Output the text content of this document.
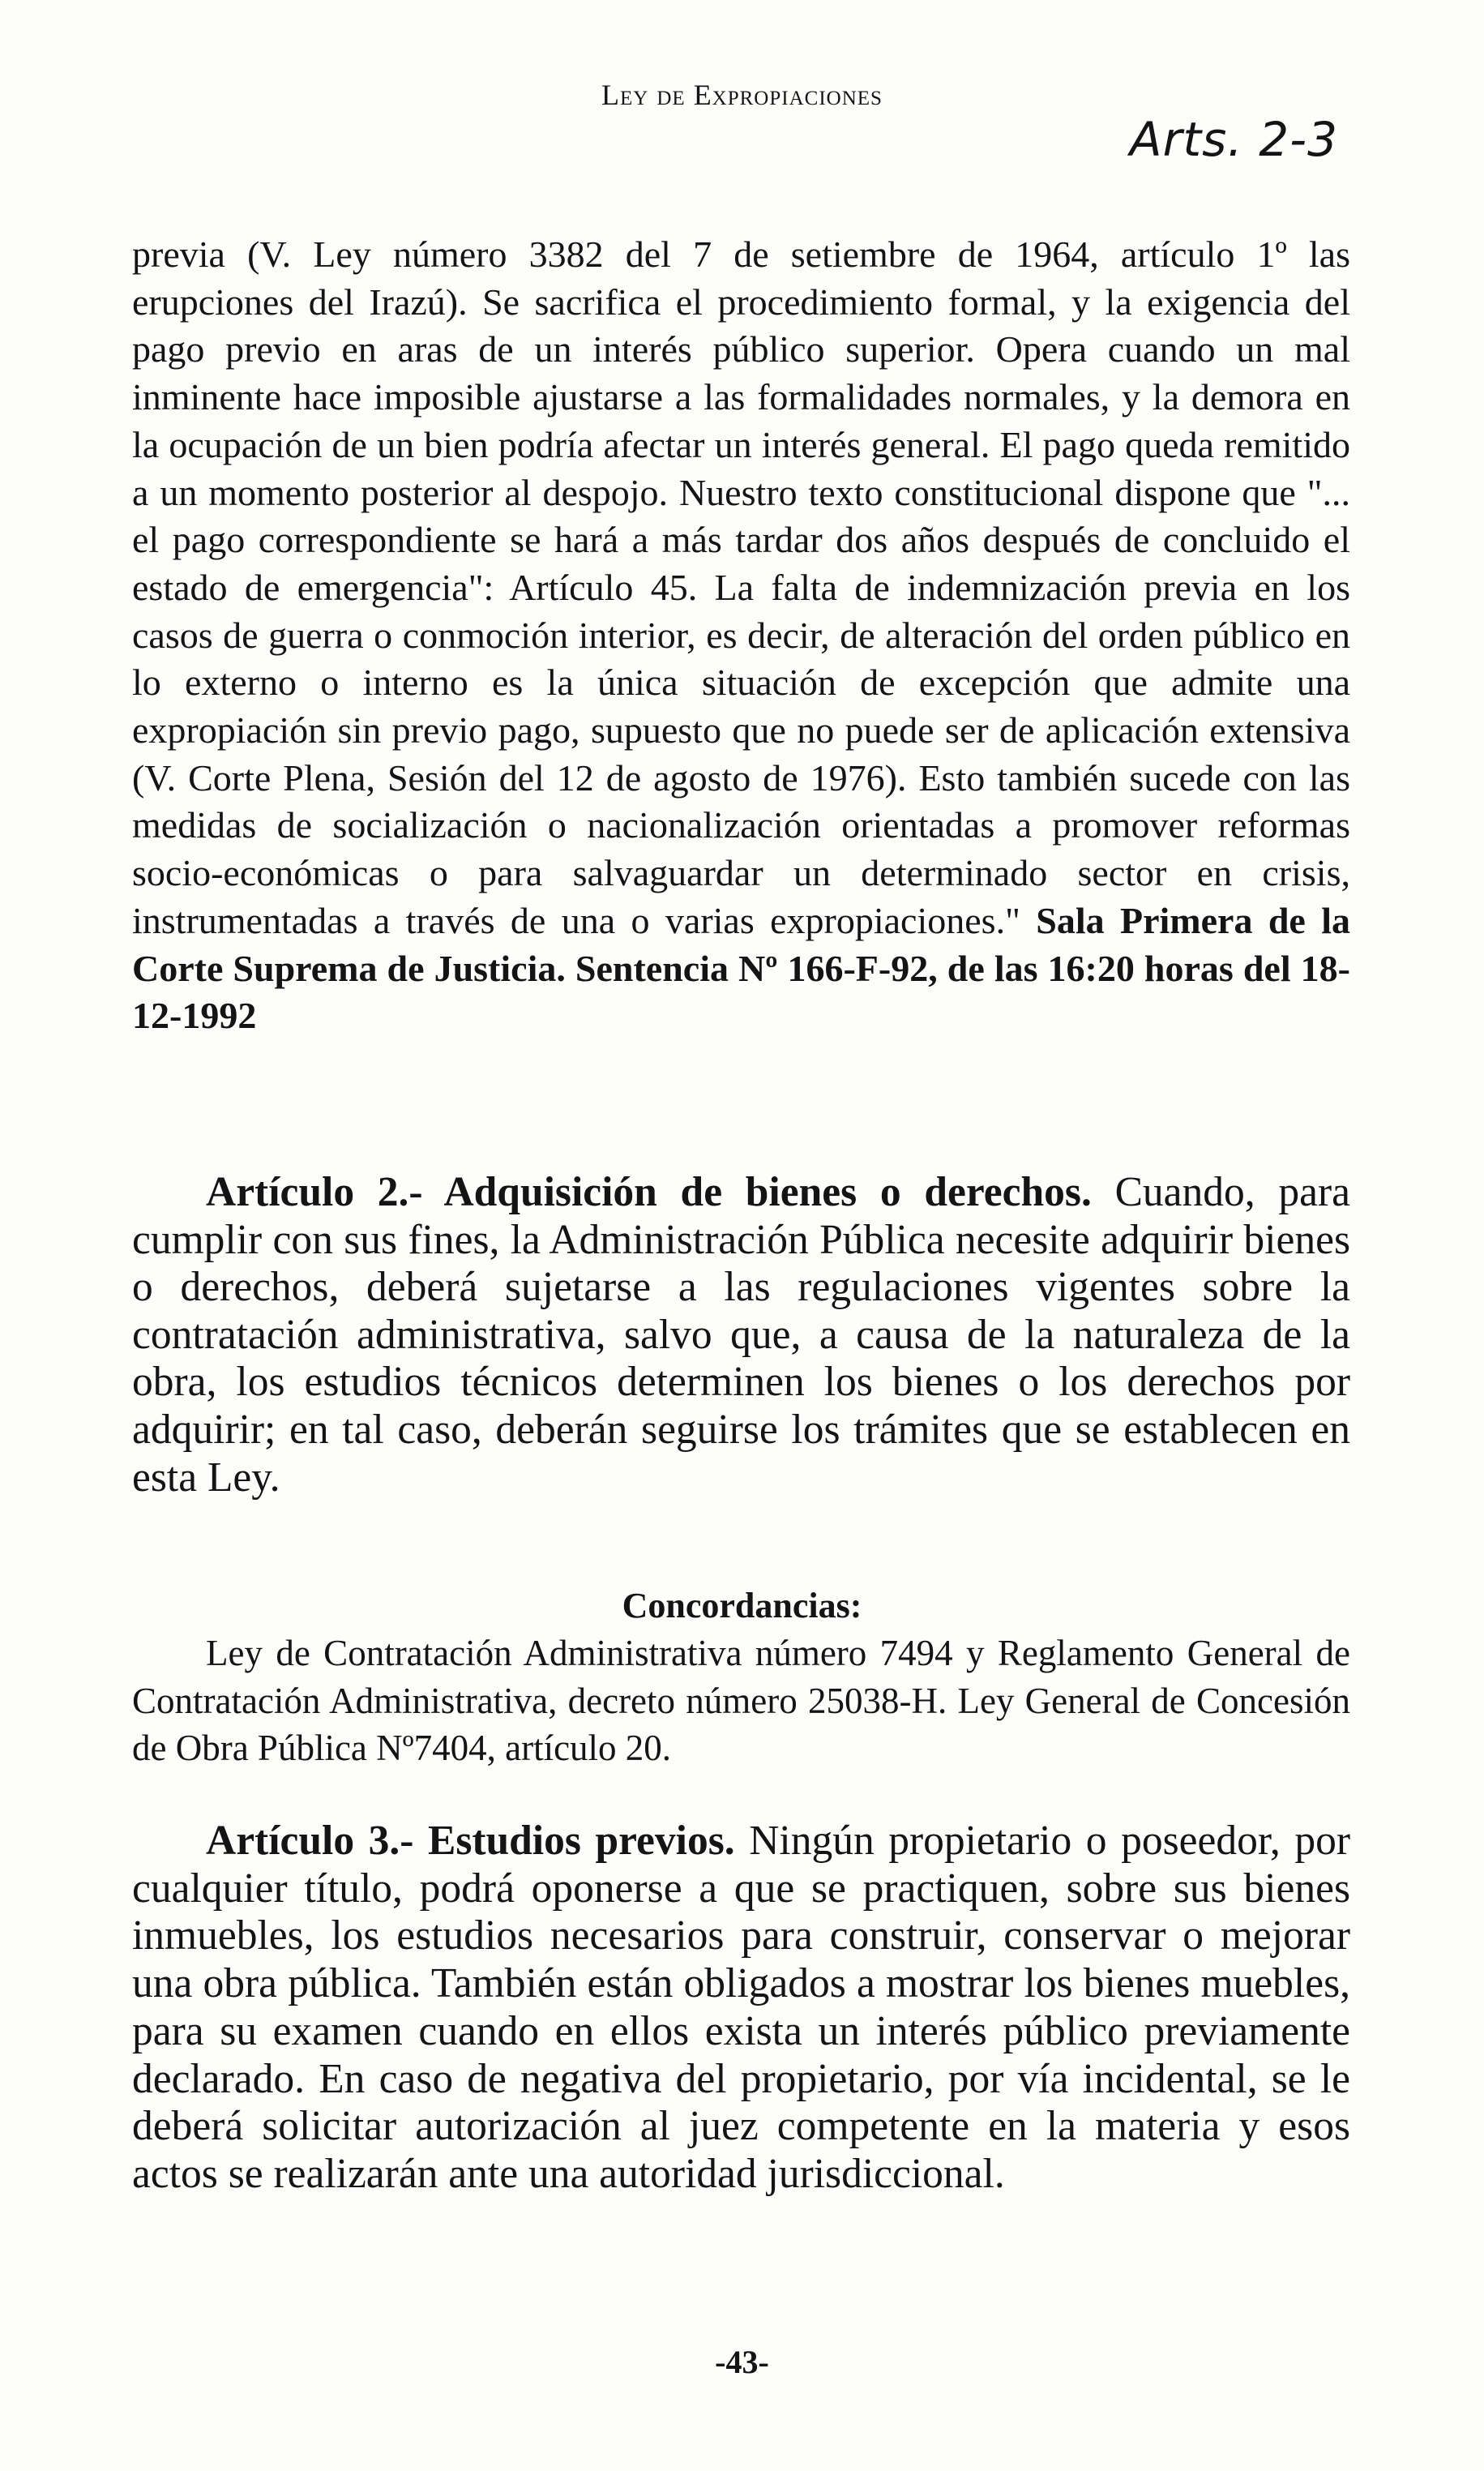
Ley de Expropiaciones
Arts. 2-3
previa (V. Ley número 3382 del 7 de setiembre de 1964, artículo 1º las erupciones del Irazú). Se sacrifica el procedimiento formal, y la exigencia del pago previo en aras de un interés público superior. Opera cuando un mal inminente hace imposible ajustarse a las formalidades normales, y la demora en la ocupación de un bien podría afectar un interés general. El pago queda remitido a un momento posterior al despojo. Nuestro texto constitucional dispone que "... el pago correspondiente se hará a más tardar dos años después de concluido el estado de emergencia": Artículo 45. La falta de indemnización previa en los casos de guerra o conmoción interior, es decir, de alteración del orden público en lo externo o interno es la única situación de excepción que admite una expropiación sin previo pago, supuesto que no puede ser de aplicación extensiva (V. Corte Plena, Sesión del 12 de agosto de 1976). Esto también sucede con las medidas de socialización o nacionalización orientadas a promover reformas socio-económicas o para salvaguardar un determinado sector en crisis, instrumentadas a través de una o varias expropiaciones." Sala Primera de la Corte Suprema de Justicia. Sentencia Nº 166-F-92, de las 16:20 horas del 18-12-1992
Artículo 2.- Adquisición de bienes o derechos. Cuando, para cumplir con sus fines, la Administración Pública necesite adquirir bienes o derechos, deberá sujetarse a las regulaciones vigentes sobre la contratación administrativa, salvo que, a causa de la naturaleza de la obra, los estudios técnicos determinen los bienes o los derechos por adquirir; en tal caso, deberán seguirse los trámites que se establecen en esta Ley.
Concordancias:
Ley de Contratación Administrativa número 7494 y Reglamento General de Contratación Administrativa, decreto número 25038-H. Ley General de Concesión de Obra Pública Nº7404, artículo 20.
Artículo 3.- Estudios previos. Ningún propietario o poseedor, por cualquier título, podrá oponerse a que se practiquen, sobre sus bienes inmuebles, los estudios necesarios para construir, conservar o mejorar una obra pública. También están obligados a mostrar los bienes muebles, para su examen cuando en ellos exista un interés público previamente declarado. En caso de negativa del propietario, por vía incidental, se le deberá solicitar autorización al juez competente en la materia y esos actos se realizarán ante una autoridad jurisdiccional.
-43-
